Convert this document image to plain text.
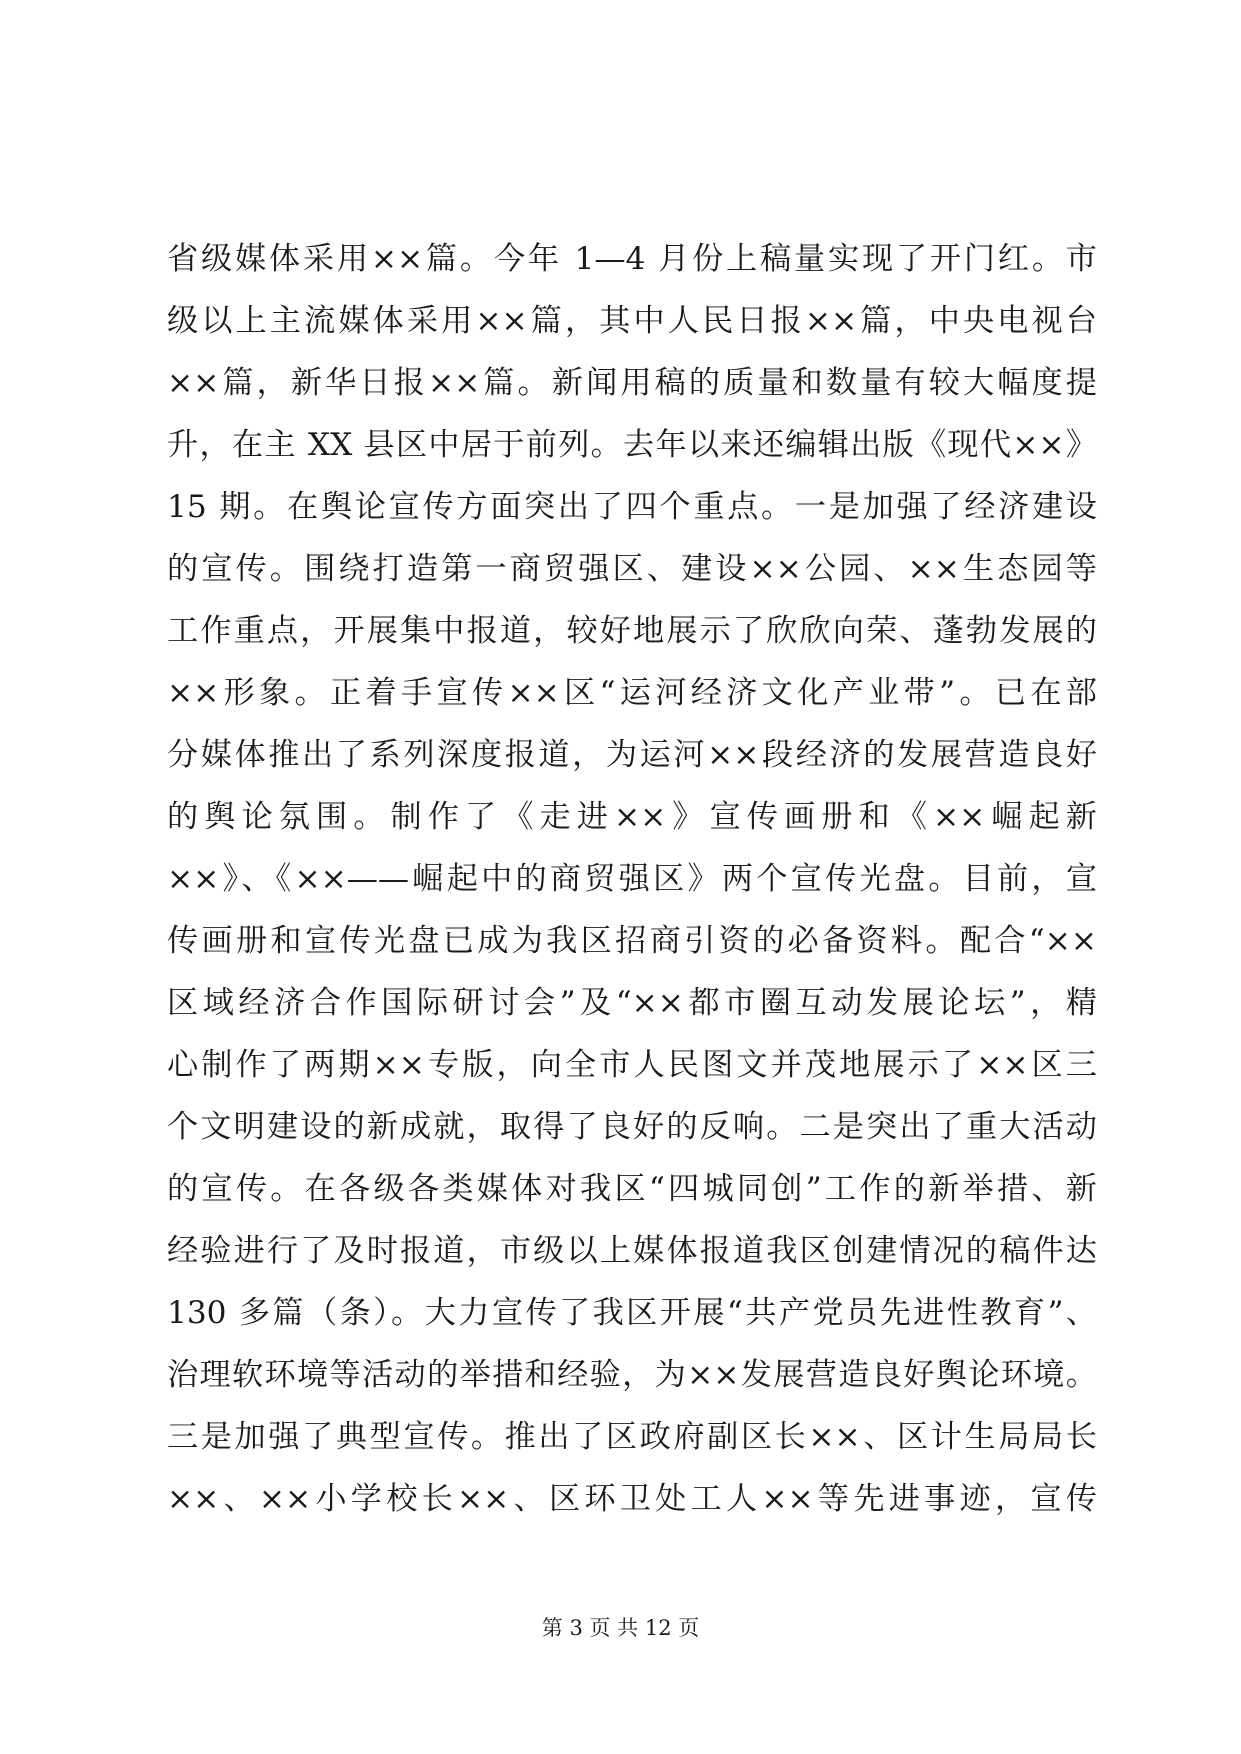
省级媒体采用××篇。今年 1—4 月份上稿量实现了开门红。市
级以上主流媒体采用××篇，其中人民日报××篇，中央电视台
××篇，新华日报××篇。新闻用稿的质量和数量有较大幅度提
升，在主 XX 县区中居于前列。去年以来还编辑出版《现代××》
15 期。在舆论宣传方面突出了四个重点。一是加强了经济建设
的宣传。围绕打造第一商贸强区、建设××公园、××生态园等
工作重点，开展集中报道，较好地展示了欣欣向荣、蓬勃发展的
××形象。正着手宣传××区“运河经济文化产业带”。已在部
分媒体推出了系列深度报道，为运河××段经济的发展营造良好
的舆论氛围。制作了《走进××》宣传画册和《××崛起新
××》、《××——崛起中的商贸强区》两个宣传光盘。目前，宣
传画册和宣传光盘已成为我区招商引资的必备资料。配合“××
区域经济合作国际研讨会”及“××都市圈互动发展论坛”，精
心制作了两期××专版，向全市人民图文并茂地展示了××区三
个文明建设的新成就，取得了良好的反响。二是突出了重大活动
的宣传。在各级各类媒体对我区“四城同创”工作的新举措、新
经验进行了及时报道，市级以上媒体报道我区创建情况的稿件达
130 多篇（条）。大力宣传了我区开展“共产党员先进性教育”、
治理软环境等活动的举措和经验，为××发展营造良好舆论环境。
三是加强了典型宣传。推出了区政府副区长××、区计生局局长
××、××小学校长××、区环卫处工人××等先进事迹，宣传
第 3 页 共 12 页
